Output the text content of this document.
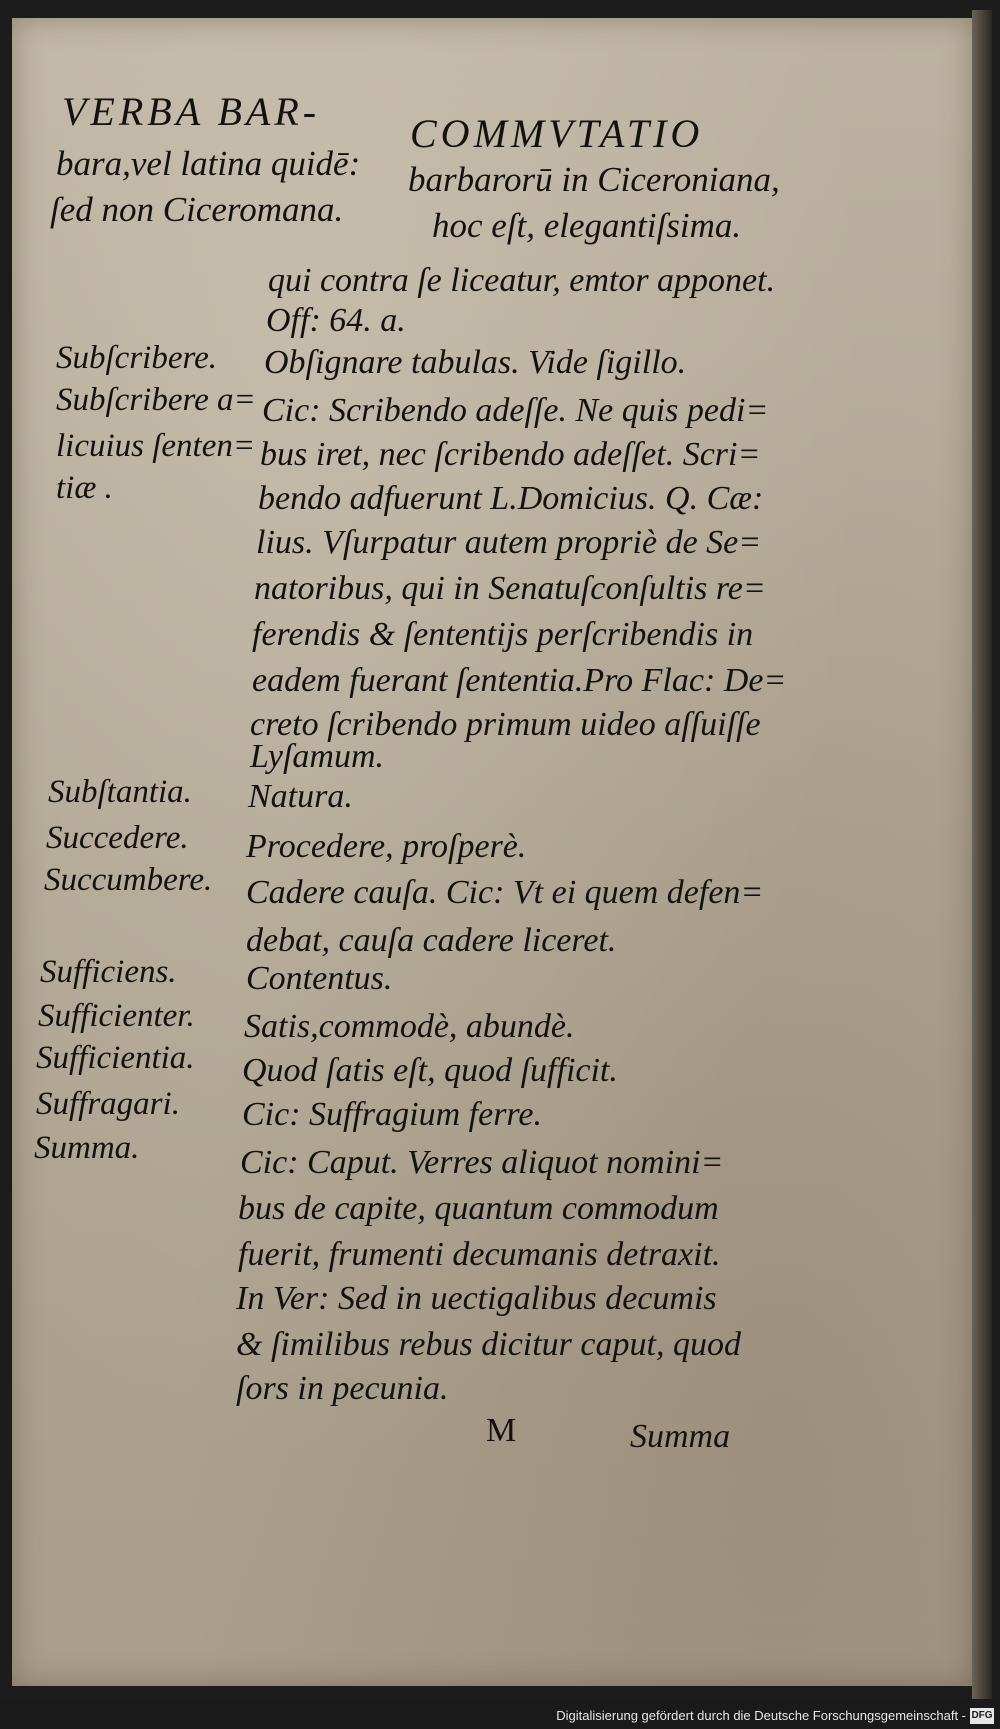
VERBA BAR-
bara,vel latina quidē:
ſed non Ciceromana.
COMMVTATIO
barbarorū in Ciceroniana,
hoc eſt, elegantiſsima.
qui contra ſe liceatur, emtor apponet.
Off: 64. a.
Obſignare tabulas. Vide ſigillo.
Cic: Scribendo adeſſe. Ne quis pedi=
bus iret, nec ſcribendo adeſſet. Scri=
bendo adfuerunt L.Domicius. Q. Cæ:
lius. Vſurpatur autem propriè de Se=
natoribus, qui in Senatuſconſultis re=
ferendis & ſententijs perſcribendis in
eadem fuerant ſententia.Pro Flac: De=
creto ſcribendo primum uideo aſſuiſſe
Lyſamum.
Natura.
Procedere, proſperè.
Cadere cauſa. Cic: Vt ei quem defen=
debat, cauſa cadere liceret.
Contentus.
Satis,commodè, abundè.
Quod ſatis eſt, quod ſufficit.
Cic: Suffragium ferre.
Cic: Caput. Verres aliquot nomini=
bus de capite, quantum commodum
fuerit, frumenti decumanis detraxit.
In Ver: Sed in uectigalibus decumis
& ſimilibus rebus dicitur caput, quod
ſors in pecunia.
Subſcribere.
Subſcribere a=
licuius ſenten=
tiæ .
Subſtantia.
Succedere.
Succumbere.
Sufficiens.
Sufficienter.
Sufficientia.
Suffragari.
Summa.
M	Summa
Digitalisierung gefördert durch die Deutsche Forschungsgemeinschaft - DFG
